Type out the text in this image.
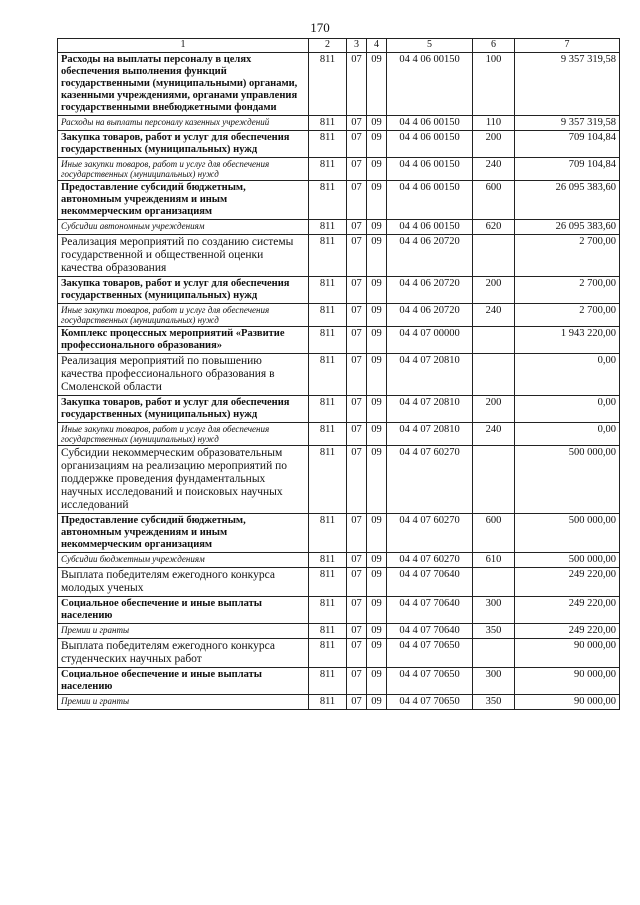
170
1	2	3	4	5	6	7
Расходы на выплаты персоналу в целях обеспечения выполнения функций государственными (муниципальными) органами, казенными учреждениями, органами управления государственными внебюджетными фондами	811	07	09	04 4 06 00150	100	9 357 319,58
Расходы на выплаты персоналу казенных учреждений	811	07	09	04 4 06 00150	110	9 357 319,58
Закупка товаров, работ и услуг для обеспечения государственных (муниципальных) нужд	811	07	09	04 4 06 00150	200	709 104,84
Иные закупки товаров, работ и услуг для обеспечения государственных (муниципальных) нужд	811	07	09	04 4 06 00150	240	709 104,84
Предоставление субсидий бюджетным, автономным учреждениям и иным некоммерческим организациям	811	07	09	04 4 06 00150	600	26 095 383,60
Субсидии автономным учреждениям	811	07	09	04 4 06 00150	620	26 095 383,60
Реализация мероприятий по созданию системы государственной и общественной оценки качества образования	811	07	09	04 4 06 20720		2 700,00
Закупка товаров, работ и услуг для обеспечения государственных (муниципальных) нужд	811	07	09	04 4 06 20720	200	2 700,00
Иные закупки товаров, работ и услуг для обеспечения государственных (муниципальных) нужд	811	07	09	04 4 06 20720	240	2 700,00
Комплекс процессных мероприятий «Развитие профессионального образования»	811	07	09	04 4 07 00000		1 943 220,00
Реализация мероприятий по повышению качества профессионального образования в Смоленской области	811	07	09	04 4 07 20810		0,00
Закупка товаров, работ и услуг для обеспечения государственных (муниципальных) нужд	811	07	09	04 4 07 20810	200	0,00
Иные закупки товаров, работ и услуг для обеспечения государственных (муниципальных) нужд	811	07	09	04 4 07 20810	240	0,00
Субсидии некоммерческим образовательным организациям на реализацию мероприятий по поддержке проведения фундаментальных научных исследований и поисковых научных исследований	811	07	09	04 4 07 60270		500 000,00
Предоставление субсидий бюджетным, автономным учреждениям и иным некоммерческим организациям	811	07	09	04 4 07 60270	600	500 000,00
Субсидии бюджетным учреждениям	811	07	09	04 4 07 60270	610	500 000,00
Выплата победителям ежегодного конкурса молодых ученых	811	07	09	04 4 07 70640		249 220,00
Социальное обеспечение и иные выплаты населению	811	07	09	04 4 07 70640	300	249 220,00
Премии и гранты	811	07	09	04 4 07 70640	350	249 220,00
Выплата победителям ежегодного конкурса студенческих научных работ	811	07	09	04 4 07 70650		90 000,00
Социальное обеспечение и иные выплаты населению	811	07	09	04 4 07 70650	300	90 000,00
Премии и гранты	811	07	09	04 4 07 70650	350	90 000,00
